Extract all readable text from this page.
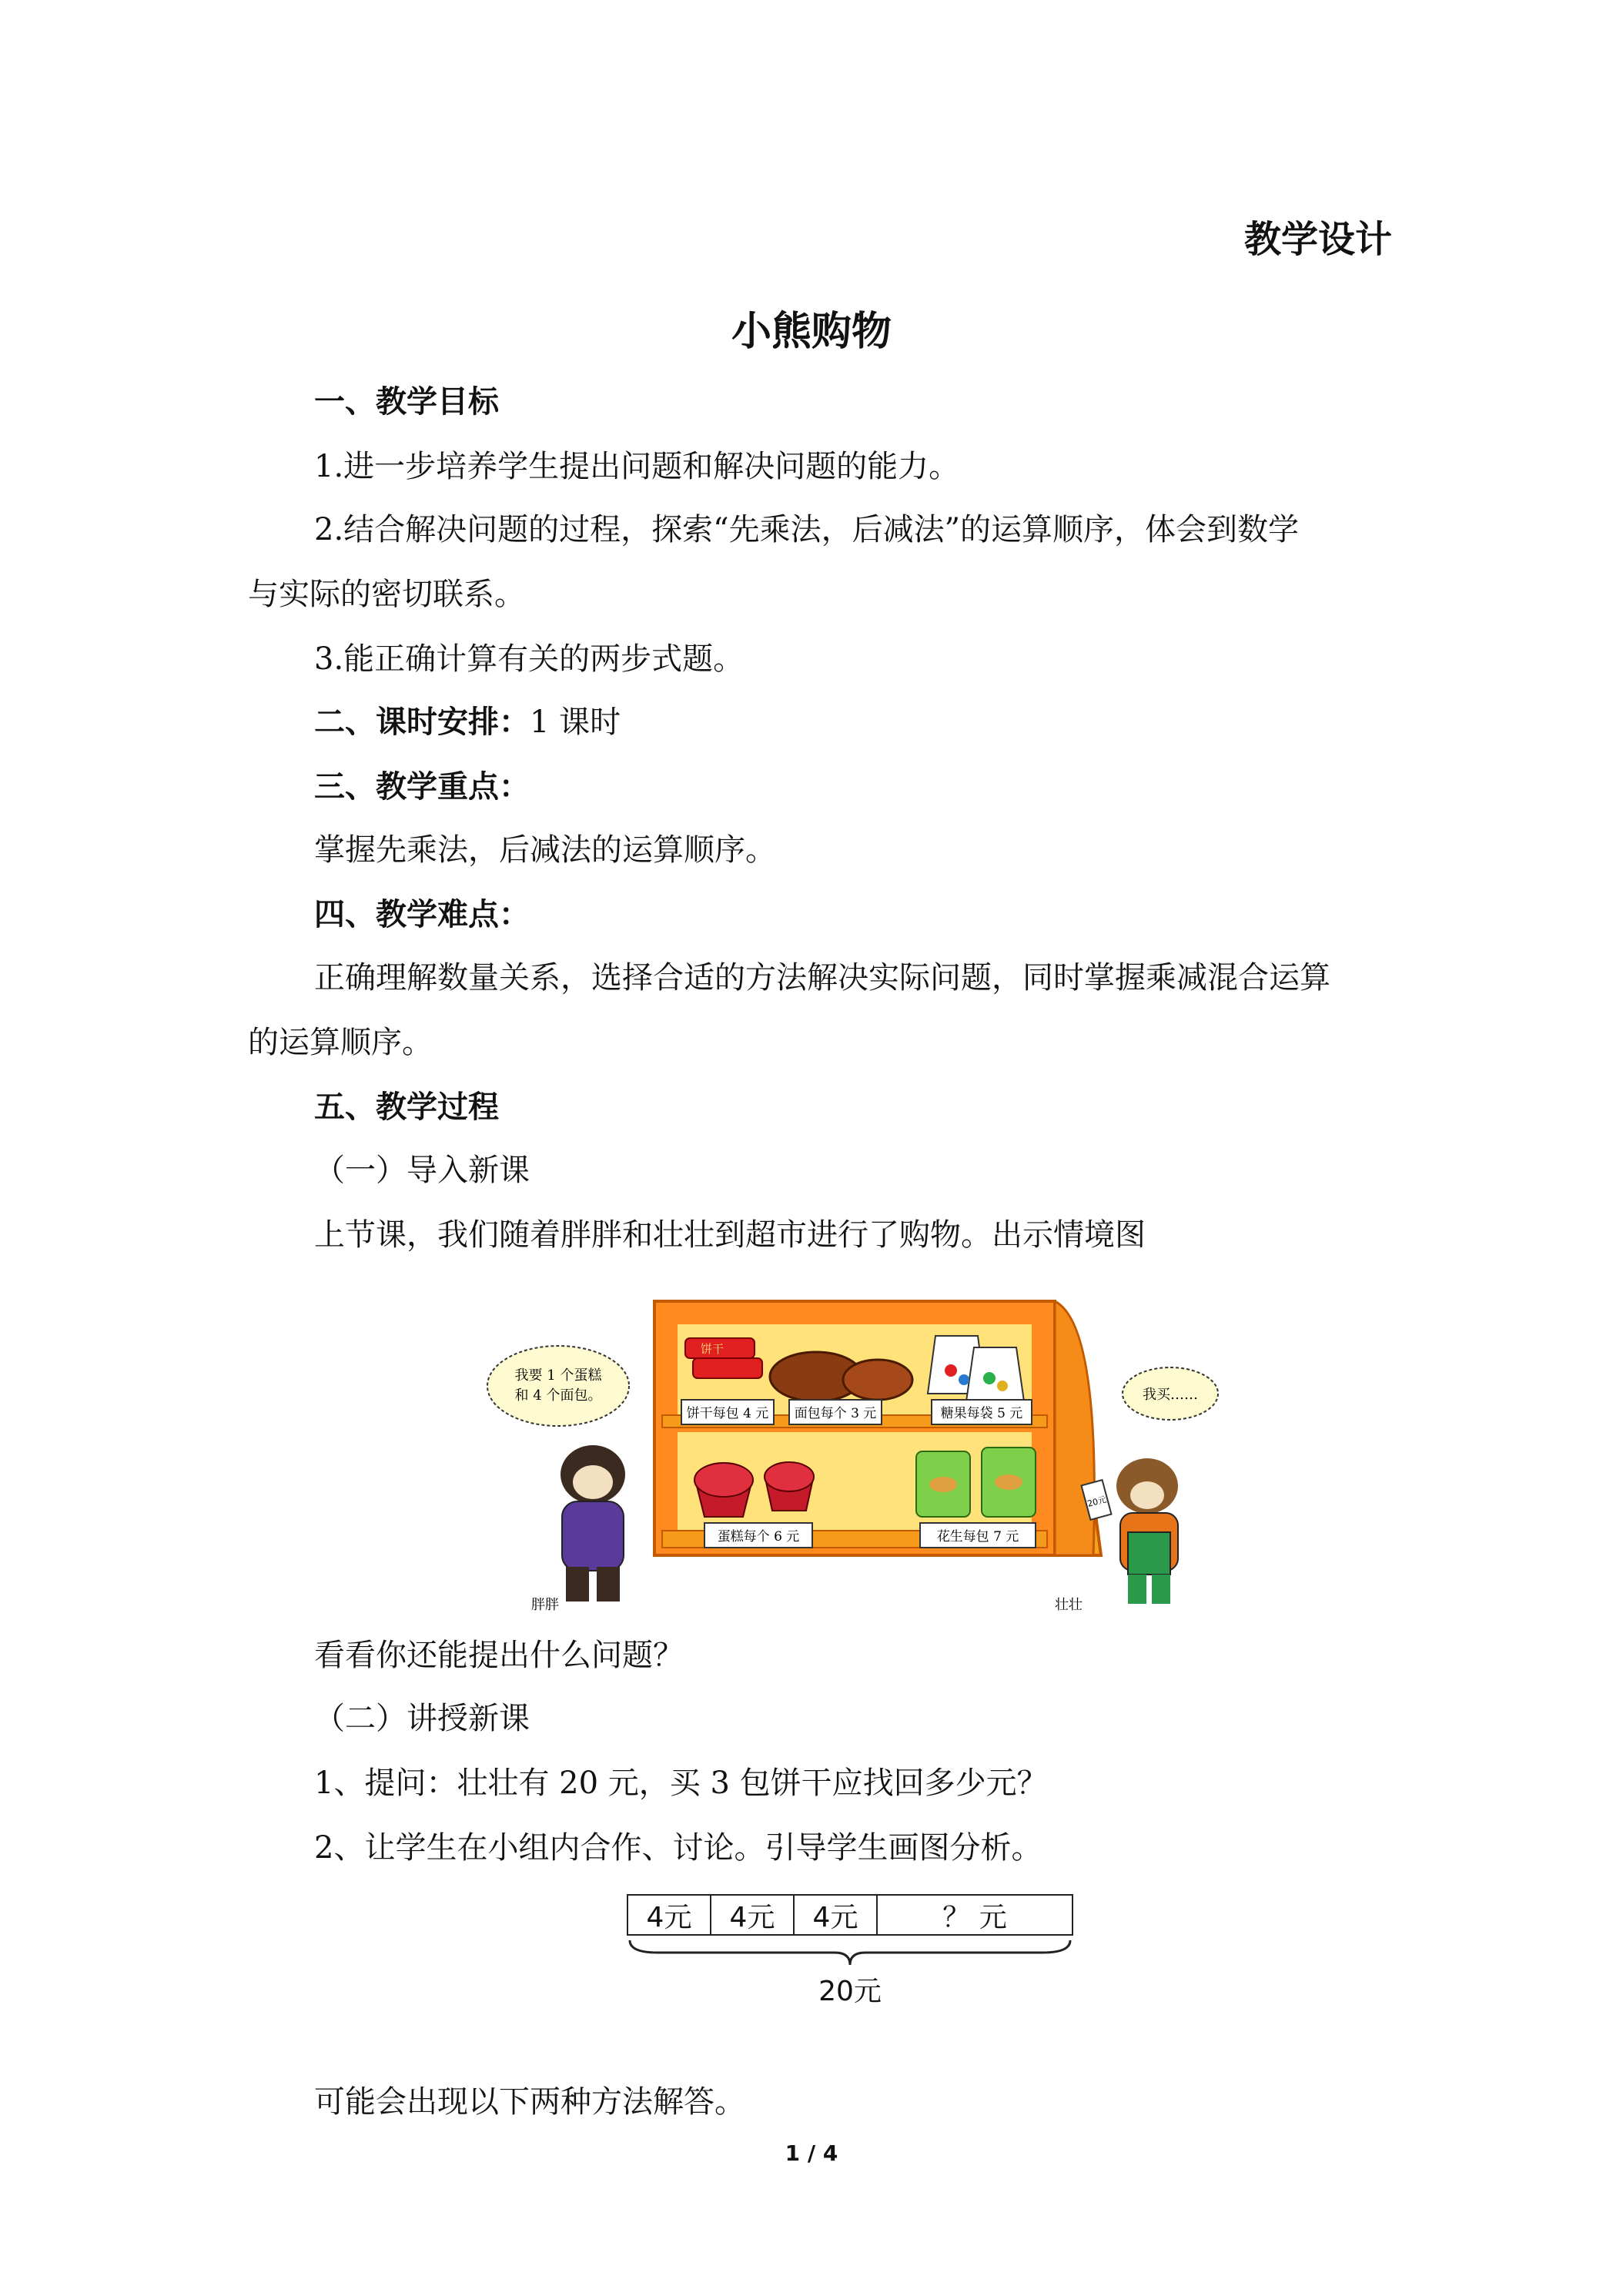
教学设计
小熊购物
一、教学目标
1.进一步培养学生提出问题和解决问题的能力。
2.结合解决问题的过程，探索“先乘法，后减法”的运算顺序，体会到数学
与实际的密切联系。
3.能正确计算有关的两步式题。
二、课时安排：1 课时
三、教学重点：
掌握先乘法，后减法的运算顺序。
四、教学难点：
正确理解数量关系，选择合适的方法解决实际问题，同时掌握乘减混合运算
的运算顺序。
五、教学过程
（一）导入新课
上节课，我们随着胖胖和壮壮到超市进行了购物。出示情境图
饼干
饼干每包 4 元 面包每个 3 元	糖果每袋 5 元
蛋糕每个 6 元	花生每包 7 元
我要 1 个蛋糕
和 4 个面包。
胖胖
我买……
20元
壮壮
看看你还能提出什么问题？
（二）讲授新课
1、提问：壮壮有 20 元，买 3 包饼干应找回多少元？
2、让学生在小组内合作、讨论。引导学生画图分析。
4元	4元	4元	？ 元
20元
可能会出现以下两种方法解答。
1 / 4
